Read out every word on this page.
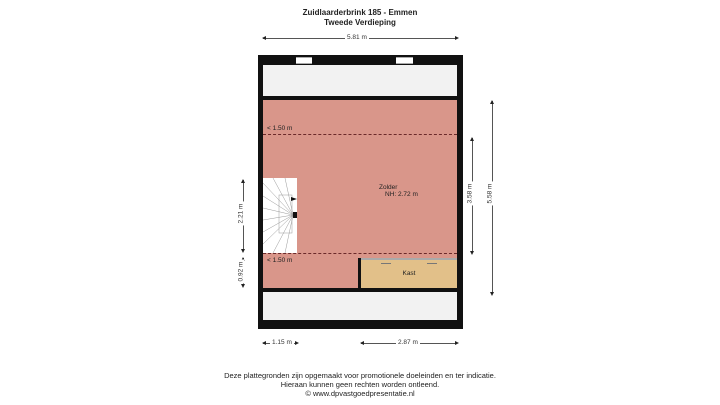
Zuidlaarderbrink 185 - Emmen
Tweede Verdieping
5.81 m
< 1.50 m
< 1.50 m
Zolder
NH: 2.72 m
Kast
3.58 m 5.58 m
2.21 m
0.92 m
1.15 m	2.87 m
Deze plattegronden zijn opgemaakt voor promotionele doeleinden en ter indicatie.
Hieraan kunnen geen rechten worden ontleend.
© www.dpvastgoedpresentatie.nl
